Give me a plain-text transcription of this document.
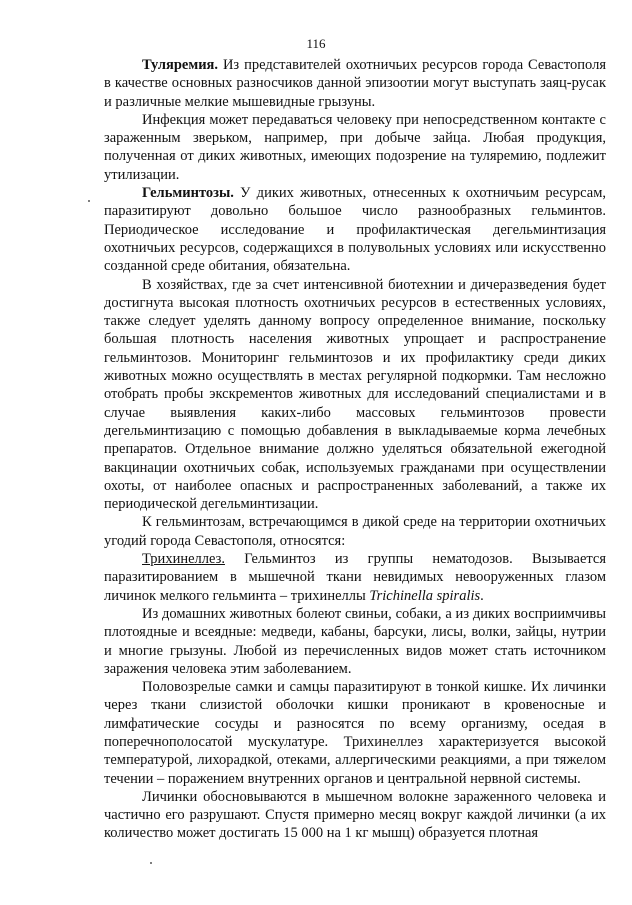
116

Туляремия. Из представителей охотничьих ресурсов города Севастополя в качестве основных разносчиков данной эпизоотии могут выступать заяц-русак и различные мелкие мышевидные грызуны.

Инфекция может передаваться человеку при непосредственном контакте с зараженным зверьком, например, при добыче зайца. Любая продукция, полученная от диких животных, имеющих подозрение на туляремию, подлежит утилизации.

Гельминтозы. У диких животных, отнесенных к охотничьим ресурсам, паразитируют довольно большое число разнообразных гельминтов. Периодическое исследование и профилактическая дегельминтизация охотничьих ресурсов, содержащихся в полувольных условиях или искусственно созданной среде обитания, обязательна.

В хозяйствах, где за счет интенсивной биотехнии и дичеразведения будет достигнута высокая плотность охотничьих ресурсов в естественных условиях, также следует уделять данному вопросу определенное внимание, поскольку большая плотность населения животных упрощает и распространение гельминтозов. Мониторинг гельминтозов и их профилактику среди диких животных можно осуществлять в местах регулярной подкормки. Там несложно отобрать пробы экскрементов животных для исследований специалистами и в случае выявления каких-либо массовых гельминтозов провести дегельминтизацию с помощью добавления в выкладываемые корма лечебных препаратов. Отдельное внимание должно уделяться обязательной ежегодной вакцинации охотничьих собак, используемых гражданами при осуществлении охоты, от наиболее опасных и распространенных заболеваний, а также их периодической дегельминтизации.

К гельминтозам, встречающимся в дикой среде на территории охотничьих угодий города Севастополя, относятся:

Трихинеллез. Гельминтоз из группы нематодозов. Вызывается паразитированием в мышечной ткани невидимых невооруженных глазом личинок мелкого гельминта – трихинеллы Trichinella spiralis.

Из домашних животных болеют свиньи, собаки, а из диких восприимчивы плотоядные и всеядные: медведи, кабаны, барсуки, лисы, волки, зайцы, нутрии и многие грызуны. Любой из перечисленных видов может стать источником заражения человека этим заболеванием.

Половозрелые самки и самцы паразитируют в тонкой кишке. Их личинки через ткани слизистой оболочки кишки проникают в кровеносные и лимфатические сосуды и разносятся по всему организму, оседая в поперечнополосатой мускулатуре. Трихинеллез характеризуется высокой температурой, лихорадкой, отеками, аллергическими реакциями, а при тяжелом течении – поражением внутренних органов и центральной нервной системы.

Личинки обосновываются в мышечном волокне зараженного человека и частично его разрушают. Спустя примерно месяц вокруг каждой личинки (а их количество может достигать 15 000 на 1 кг мышц) образуется плотная
